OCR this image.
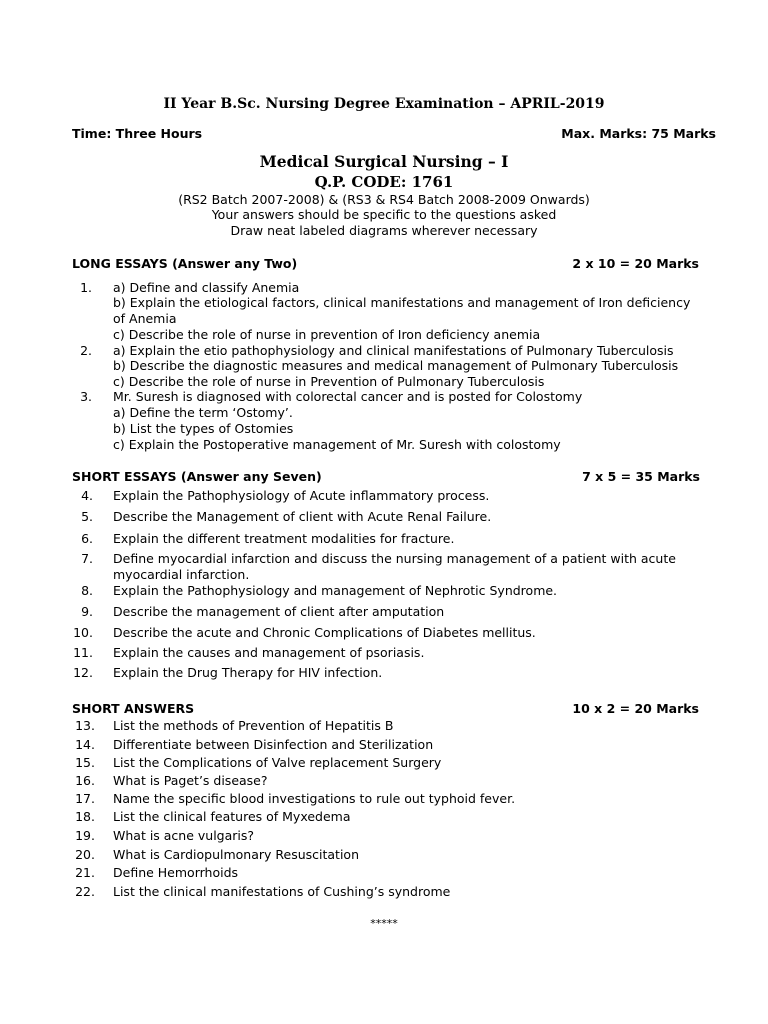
II Year B.Sc. Nursing Degree Examination – APRIL-2019
Time: Three Hours	Max. Marks: 75 Marks
Medical Surgical Nursing – I
Q.P. CODE: 1761
(RS2 Batch 2007-2008) & (RS3 & RS4 Batch 2008-2009 Onwards)
Your answers should be specific to the questions asked
Draw neat labeled diagrams wherever necessary
LONG ESSAYS (Answer any Two)	2 x 10 = 20 Marks
1. a) Define and classify Anemia
b) Explain the etiological factors, clinical manifestations and management of Iron deficiency
of Anemia
c) Describe the role of nurse in prevention of Iron deficiency anemia
2. a) Explain the etio pathophysiology and clinical manifestations of Pulmonary Tuberculosis
b) Describe the diagnostic measures and medical management of Pulmonary Tuberculosis
c) Describe the role of nurse in Prevention of Pulmonary Tuberculosis
3. Mr. Suresh is diagnosed with colorectal cancer and is posted for Colostomy
a) Define the term ‘Ostomy’.
b) List the types of Ostomies
c) Explain the Postoperative management of Mr. Suresh with colostomy
SHORT ESSAYS (Answer any Seven)	7 x 5 = 35 Marks
4. Explain the Pathophysiology of Acute inflammatory process.
5. Describe the Management of client with Acute Renal Failure.
6. Explain the different treatment modalities for fracture.
7. Define myocardial infarction and discuss the nursing management of a patient with acute myocardial infarction.
8. Explain the Pathophysiology and management of Nephrotic Syndrome.
9. Describe the management of client after amputation
10. Describe the acute and Chronic Complications of Diabetes mellitus.
11. Explain the causes and management of psoriasis.
12. Explain the Drug Therapy for HIV infection.
SHORT ANSWERS	10 x 2 = 20 Marks
13. List the methods of Prevention of Hepatitis B
14. Differentiate between Disinfection and Sterilization
15. List the Complications of Valve replacement Surgery
16. What is Paget’s disease?
17. Name the specific blood investigations to rule out typhoid fever.
18. List the clinical features of Myxedema
19. What is acne vulgaris?
20. What is Cardiopulmonary Resuscitation
21. Define Hemorrhoids
22. List the clinical manifestations of Cushing’s syndrome
*****
